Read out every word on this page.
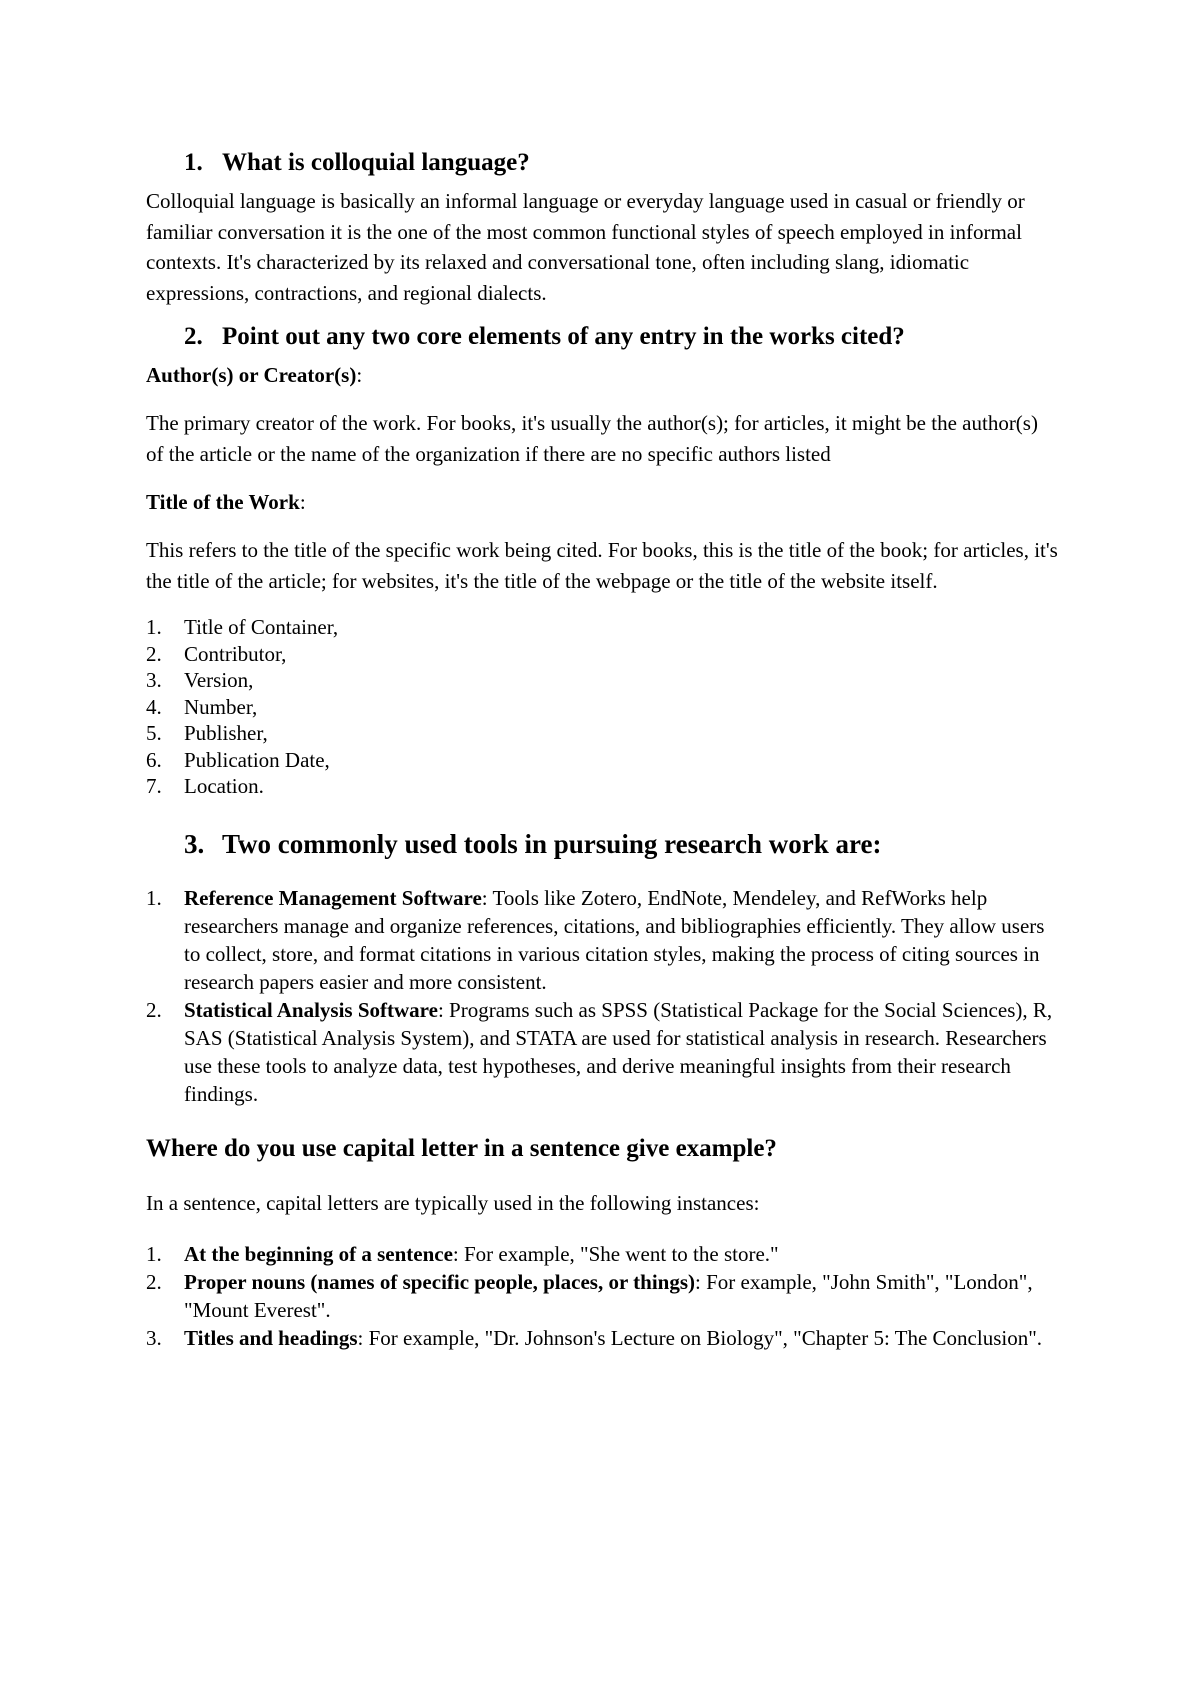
1. What is colloquial language?

Colloquial language is basically an informal language or everyday language used in casual or friendly or familiar conversation it is the one of the most common functional styles of speech employed in informal contexts. It's characterized by its relaxed and conversational tone, often including slang, idiomatic expressions, contractions, and regional dialects.

2. Point out any two core elements of any entry in the works cited?

Author(s) or Creator(s):

The primary creator of the work. For books, it's usually the author(s); for articles, it might be the author(s) of the article or the name of the organization if there are no specific authors listed

Title of the Work:

This refers to the title of the specific work being cited. For books, this is the title of the book; for articles, it's the title of the article; for websites, it's the title of the webpage or the title of the website itself.

1.	Title of Container,
2.	Contributor,
3.	Version,
4.	Number,
5.	Publisher,
6.	Publication Date,
7.	Location.
3. Two commonly used tools in pursuing research work are:
1.	Reference Management Software: Tools like Zotero, EndNote, Mendeley, and RefWorks help researchers manage and organize references, citations, and bibliographies efficiently. They allow users to collect, store, and format citations in various citation styles, making the process of citing sources in research papers easier and more consistent.
2.	Statistical Analysis Software: Programs such as SPSS (Statistical Package for the Social Sciences), R, SAS (Statistical Analysis System), and STATA are used for statistical analysis in research. Researchers use these tools to analyze data, test hypotheses, and derive meaningful insights from their research findings.
Where do you use capital letter in a sentence give example?

In a sentence, capital letters are typically used in the following instances:

1.	At the beginning of a sentence: For example, "She went to the store."
2.	Proper nouns (names of specific people, places, or things): For example, "John Smith", "London", "Mount Everest".
3.	Titles and headings: For example, "Dr. Johnson's Lecture on Biology", "Chapter 5: The Conclusion".
